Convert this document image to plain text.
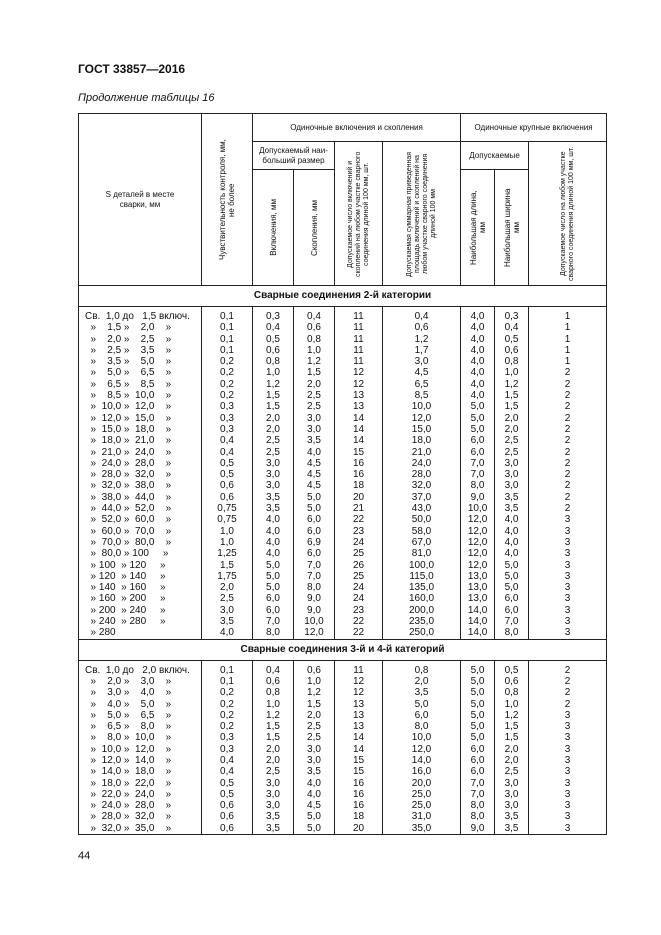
ГОСТ 33857—2016
Продолжение таблицы 16
S деталей в месте сварки, мм	Чувствительность контроля, мм, не более	Одиночные включения и скопления				Одиночные крупные включения		
		Допускаемый наи-больший размер		Допускаемое число включений и скоплений на любом участке сварного соединения длиной 100 мм, шт.	Допускаемая суммарная приведенная площадь включений и скоплений на любом участке сварного соединения длиной 100 мм	Допускаемые		Допускаемое число на любом участке сварного соединения длиной 100 мм, шт.

		Включения, мм	Скопления, мм			Наибольшая длина, мм	Наибольшая ширина мм	

Сварные соединения 2-й категории								

Св.  1,0 до   1,5 включ.	0,1	0,3	0,4	11	0,4	4,0	0,3	1
»    1,5 »    2,0    »	0,1	0,4	0,6	11	0,6	4,0	0,4	1
»    2,0 »    2,5    »	0,1	0,5	0,8	11	1,2	4,0	0,5	1
»    2,5 »    3,5    »	0,1	0,6	1,0	11	1,7	4,0	0,6	1
»    3,5 »    5,0    »	0,2	0,8	1,2	11	3,0	4,0	0,8	1
»    5,0 »    6,5    »	0,2	1,0	1,5	12	4,5	4,0	1,0	2
»    6,5 »    8,5    »	0,2	1,2	2,0	12	6,5	4,0	1,2	2
»    8,5 »  10,0    »	0,2	1,5	2,5	13	8,5	4,0	1,5	2
»  10,0 »  12,0    »	0,3	1,5	2,5	13	10,0	5,0	1,5	2
»  12,0 »  15,0    »	0,3	2,0	3,0	14	12,0	5,0	2,0	2
»  15,0 »  18,0    »	0,3	2,0	3,0	14	15,0	5,0	2,0	2
»  18,0 »  21,0    »	0,4	2,5	3,5	14	18,0	6,0	2,5	2
»  21,0 »  24,0    »	0,4	2,5	4,0	15	21,0	6,0	2,5	2
»  24,0 »  28,0    »	0,5	3,0	4,5	16	24,0	7,0	3,0	2
»  28,0 »  32,0    »	0,5	3,0	4,5	16	28,0	7,0	3,0	2
»  32,0 »  38,0    »	0,6	3,0	4,5	18	32,0	8,0	3,0	2
»  38,0 »  44,0    »	0,6	3,5	5,0	20	37,0	9,0	3,5	2
»  44,0 »  52,0    »	0,75	3,5	5,0	21	43,0	10,0	3,5	2
»  52,0 »  60,0    »	0,75	4,0	6,0	22	50,0	12,0	4,0	3
»  60,0 »  70,0    »	1,0	4,0	6,0	23	58,0	12,0	4,0	3
»  70,0 »  80,0    »	1,0	4,0	6,9	24	67,0	12,0	4,0	3
»  80,0 » 100     »	1,25	4,0	6,0	25	81,0	12,0	4,0	3
» 100  » 120     »	1,5	5,0	7,0	26	100,0	12,0	5,0	3
» 120  » 140     »	1,75	5,0	7,0	25	115,0	13,0	5,0	3
» 140  » 160     »	2,0	5,0	8,0	24	135,0	13,0	5,0	3
» 160  » 200     »	2,5	6,0	9,0	24	160,0	13,0	6,0	3
» 200  » 240     »	3,0	6,0	9,0	23	200,0	14,0	6,0	3
» 240  » 280     »	3,5	7,0	10,0	22	235,0	14,0	7,0	3
» 280	4,0	8,0	12,0	22	250,0	14,0	8,0	3
Сварные соединения 3-й и 4-й категорий								

Св.  1,0 до   2,0 включ.	0,1	0,4	0,6	11	0,8	5,0	0,5	2
»    2,0 »    3,0    »	0,1	0,6	1,0	12	2,0	5,0	0,6	2
»    3,0 »    4,0    »	0,2	0,8	1,2	12	3,5	5,0	0,8	2
»    4,0 »    5,0    »	0,2	1,0	1,5	13	5,0	5,0	1,0	2
»    5,0 »    6,5    »	0,2	1,2	2,0	13	6,0	5,0	1,2	3
»    6,5 »    8,0    »	0,2	1,5	2,5	13	8,0	5,0	1,5	3
»    8,0 »  10,0    »	0,3	1,5	2,5	14	10,0	5,0	1,5	3
»  10,0 »  12,0    »	0,3	2,0	3,0	14	12,0	6,0	2,0	3
»  12,0 »  14,0    »	0,4	2,0	3,0	15	14,0	6,0	2,0	3
»  14,0 »  18,0    »	0,4	2,5	3,5	15	16,0	6,0	2,5	3
»  18,0 »  22,0    »	0,5	3,0	4,0	16	20,0	7,0	3,0	3
»  22,0 »  24,0    »	0,5	3,0	4,0	16	25,0	7,0	3,0	3
»  24,0 »  28,0    »	0,6	3,0	4,5	16	25,0	8,0	3,0	3
»  28,0 »  32,0    »	0,6	3,5	5,0	18	31,0	8,0	3,5	3
»  32,0 »  35,0    »	0,6	3,5	5,0	20	35,0	9,0	3,5	3
44
